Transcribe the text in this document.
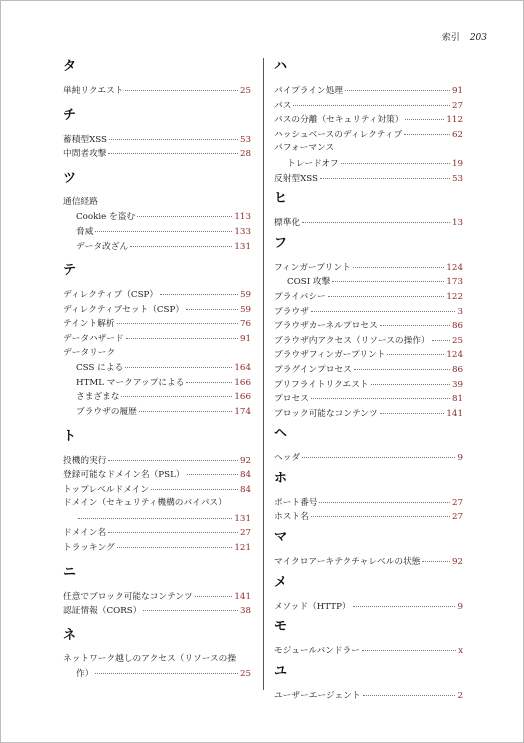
索引 203
タ
単純リクエスト	25
チ
蓄積型XSS	53
中間者攻撃	28
ツ
通信経路
Cookie を盗む	113
脅威	133
データ改ざん	131
テ
ディレクティブ（CSP）	59
ディレクティブセット（CSP）	59
テイント解析	76
データハザード	91
データリーク
CSS による	164
HTML マークアップによる	166
さまざまな	166
ブラウザの履歴	174
ト
投機的実行	92
登録可能なドメイン名（PSL）	84
トップレベルドメイン	84
ドメイン（セキュリティ機構のバイパス）
131
ドメイン名	27
トラッキング	121
ニ
任意でブロック可能なコンテンツ	141
認証情報（CORS）	38
ネ
ネットワーク越しのアクセス（リソースの操
作）	25
ハ
パイプライン処理	91
パス	27
パスの分離（セキュリティ対策）	112
ハッシュベースのディレクティブ	62
パフォーマンス
トレードオフ	19
反射型XSS	53
ヒ
標準化	13
フ
フィンガープリント	124
COSI 攻撃	173
プライバシー	122
ブラウザ	3
ブラウザカーネルプロセス	86
ブラウザ内アクセス（リソースの操作）	25
ブラウザフィンガープリント	124
プラグインプロセス	86
プリフライトリクエスト	39
プロセス	81
ブロック可能なコンテンツ	141
ヘ
ヘッダ	9
ホ
ポート番号	27
ホスト名	27
マ
マイクロアーキテクチャレベルの状態	92
メ
メソッド（HTTP）	9
モ
モジュールバンドラー	x
ユ
ユーザーエージェント	2
